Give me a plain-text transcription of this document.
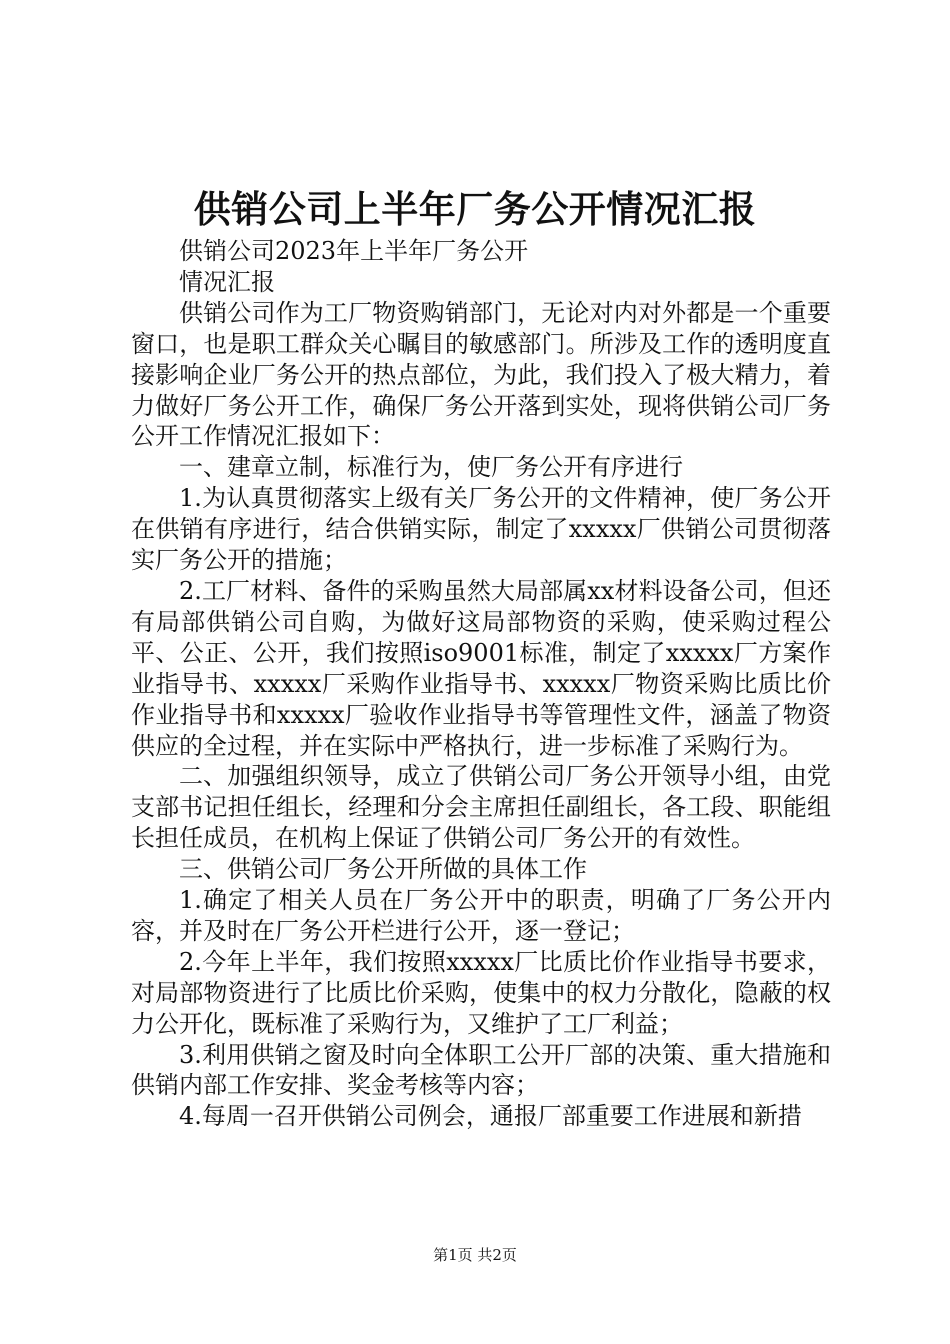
供销公司上半年厂务公开情况汇报

供销公司2023年上半年厂务公开

情况汇报

供销公司作为工厂物资购销部门，无论对内对外都是一个重要窗口，也是职工群众关心瞩目的敏感部门。所涉及工作的透明度直接影响企业厂务公开的热点部位，为此，我们投入了极大精力，着力做好厂务公开工作，确保厂务公开落到实处，现将供销公司厂务公开工作情况汇报如下：

一、建章立制，标准行为，使厂务公开有序进行

1.为认真贯彻落实上级有关厂务公开的文件精神，使厂务公开在供销有序进行，结合供销实际，制定了xxxxx厂供销公司贯彻落实厂务公开的措施；

2.工厂材料、备件的采购虽然大局部属xx材料设备公司，但还有局部供销公司自购，为做好这局部物资的采购，使采购过程公平、公正、公开，我们按照iso9001标准，制定了xxxxx厂方案作业指导书、xxxxx厂采购作业指导书、xxxxx厂物资采购比质比价作业指导书和xxxxx厂验收作业指导书等管理性文件，涵盖了物资供应的全过程，并在实际中严格执行，进一步标准了采购行为。

二、加强组织领导，成立了供销公司厂务公开领导小组，由党支部书记担任组长，经理和分会主席担任副组长，各工段、职能组长担任成员，在机构上保证了供销公司厂务公开的有效性。

三、供销公司厂务公开所做的具体工作

1.确定了相关人员在厂务公开中的职责，明确了厂务公开内容，并及时在厂务公开栏进行公开，逐一登记；

2.今年上半年，我们按照xxxxx厂比质比价作业指导书要求，对局部物资进行了比质比价采购，使集中的权力分散化，隐蔽的权力公开化，既标准了采购行为，又维护了工厂利益；

3.利用供销之窗及时向全体职工公开厂部的决策、重大措施和供销内部工作安排、奖金考核等内容；

4.每周一召开供销公司例会，通报厂部重要工作进展和新措

第1页 共2页
